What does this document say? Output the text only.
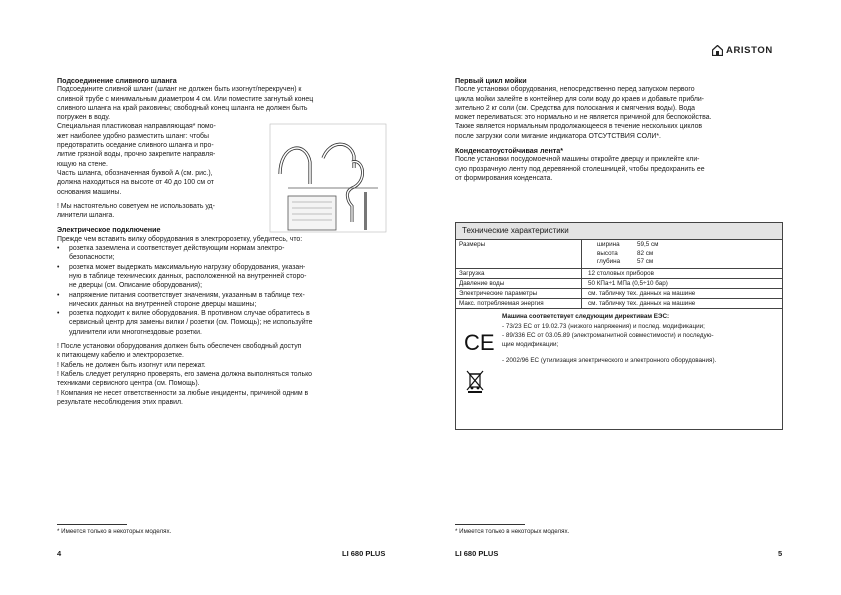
ARISTON

Подсоединение сливного шланга

Подсоедините сливной шланг (шланг не должен быть изогнут/перекручен) к

сливной трубе с минимальным диаметром 4 см. Или поместите загнутый конец

сливного шланга на край раковины; свободный конец шланга не должен быть

погружен в воду.

Специальная пластиковая направляющая* помо-

жет наиболее удобно разместить шланг: чтобы

предотвратить оседание сливного шланга и про-

литие грязной воды, прочно закрепите направля-

ющую на стене.

Часть шланга, обозначенная буквой A (см. рис.),

должна находиться на высоте от 40 до 100 см от

основания машины.

! Мы настоятельно советуем не использовать уд-

линители шланга.

Электрическое подключение

Прежде чем вставить вилку оборудования в электророзетку, убедитесь, что:

• розетка заземлена и соответствует действующим нормам электро-

безопасности;

• розетка может выдержать максимальную нагрузку оборудования, указан-

ную в таблице технических данных, расположенной на внутренней сторо-

не дверцы (см. Описание оборудования);

• напряжение питания соответствует значениям, указанным в таблице тех-

нических данных на внутренней стороне дверцы машины;

• розетка подходит к вилке оборудования. В противном случае обратитесь в

сервисный центр для замены вилки / розетки (см. Помощь); не используйте

удлинители или многогнездовые розетки.

! После установки оборудования должен быть обеспечен свободный доступ

к питающему кабелю и электророзетке.

! Кабель не должен быть изогнут или пережат.

! Кабель следует регулярно проверять, его замена должна выполняться только

техниками сервисного центра (см. Помощь).

! Компания не несет ответственности за любые инциденты, причиной одним в

результате несоблюдения этих правил.

* Имеется только в некоторых моделях.
4	LI 680 PLUS

Первый цикл мойки

После установки оборудования, непосредственно перед запуском первого

цикла мойки залейте в контейнер для соли воду до краев и добавьте прибли-

зительно 2 кг соли (см. Средства для полоскания и смягчения воды). Вода

может переливаться: это нормально и не является причиной для беспокойства.

Также является нормальным продолжающееся в течение нескольких циклов

после загрузки соли мигание индикатора ОТСУТСТВИЯ СОЛИ*.

Конденсатоустойчивая лента*

После установки посудомоечной машины откройте дверцу и приклейте кли-

сую прозрачную ленту под деревянной столешницей, чтобы предохранить ее

от формирования конденсата.

Технические характеристики
Размеры	ширина	59,5 см
высота	82 см
глубина	57 см
Загрузка	12 столовых приборов
Давление воды	50 КПа÷1 МПа (0,5÷10 бар)
Электрические параметры	см. табличку тех. данных на машине
Макс. потребляемая энергия	см. табличку тех. данных на машине
CE

Машина соответствует следующим директивам ЕЭС:

- 73/23 ЕС от 19.02.73 (низкого напряжения) и послед. модификации;

- 89/336 ЕС от 03.05.89 (электромагнитной совместимости) и последую-

щие модификации;

- 2002/96 ЕС (утилизация электрического и электронного оборудования).

* Имеется только в некоторых моделях.
LI 680 PLUS	5
